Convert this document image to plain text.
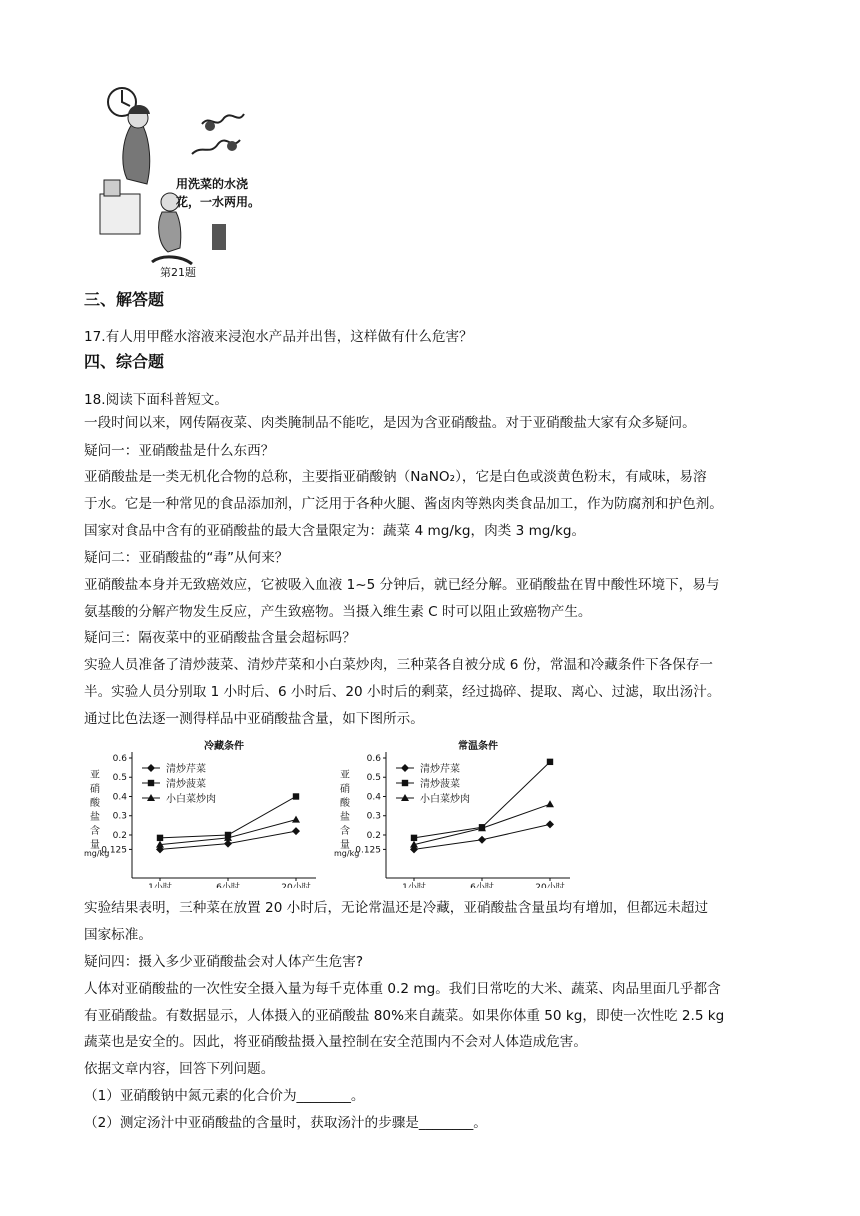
用洗菜的水浇
花，一水两用。
第21题
三、解答题
17.有人用甲醛水溶液来浸泡水产品并出售，这样做有什么危害？
四、综合题
18.阅读下面科普短文。
一段时间以来，网传隔夜菜、肉类腌制品不能吃，是因为含亚硝酸盐。对于亚硝酸盐大家有众多疑问。
疑问一：亚硝酸盐是什么东西？
亚硝酸盐是一类无机化合物的总称，主要指亚硝酸钠（NaNO₂），它是白色或淡黄色粉末，有咸味，易溶
于水。它是一种常见的食品添加剂，广泛用于各种火腿、酱卤肉等熟肉类食品加工，作为防腐剂和护色剂。
国家对食品中含有的亚硝酸盐的最大含量限定为：蔬菜 4 mg/kg，肉类 3 mg/kg。
疑问二：亚硝酸盐的“毒”从何来？
亚硝酸盐本身并无致癌效应，它被吸入血液 1~5 分钟后，就已经分解。亚硝酸盐在胃中酸性环境下，易与
氨基酸的分解产物发生反应，产生致癌物。当摄入维生素 C 时可以阻止致癌物产生。
疑问三：隔夜菜中的亚硝酸盐含量会超标吗？
实验人员准备了清炒菠菜、清炒芹菜和小白菜炒肉，三种菜各自被分成 6 份，常温和冷藏条件下各保存一
半。实验人员分别取 1 小时后、6 小时后、20 小时后的剩菜，经过捣碎、提取、离心、过滤，取出汤汁。
通过比色法逐一测得样品中亚硝酸盐含量，如下图所示。
冷藏条件
亚
硝
酸
盐
含
量
mg/kg
0.6
0.5
0.4
0.3
0.2
0.125
1小时	6小时	20小时
清炒芹菜
清炒菠菜
小白菜炒肉
常温条件
亚
硝
酸
盐
含
量
mg/kg
0.6
0.5
0.4
0.3
0.2
0.125
1小时	6小时	20小时
清炒芹菜
清炒菠菜
小白菜炒肉
实验结果表明，三种菜在放置 20 小时后，无论常温还是冷藏，亚硝酸盐含量虽均有增加，但都远未超过
国家标准。
疑问四：摄入多少亚硝酸盐会对人体产生危害?
人体对亚硝酸盐的一次性安全摄入量为每千克体重 0.2 mg。我们日常吃的大米、蔬菜、肉品里面几乎都含
有亚硝酸盐。有数据显示，人体摄入的亚硝酸盐 80%来自蔬菜。如果你体重 50 kg，即使一次性吃 2.5 kg
蔬菜也是安全的。因此，将亚硝酸盐摄入量控制在安全范围内不会对人体造成危害。
依据文章内容，回答下列问题。
（1）亚硝酸钠中氮元素的化合价为________。
（2）测定汤汁中亚硝酸盐的含量时，获取汤汁的步骤是________。
